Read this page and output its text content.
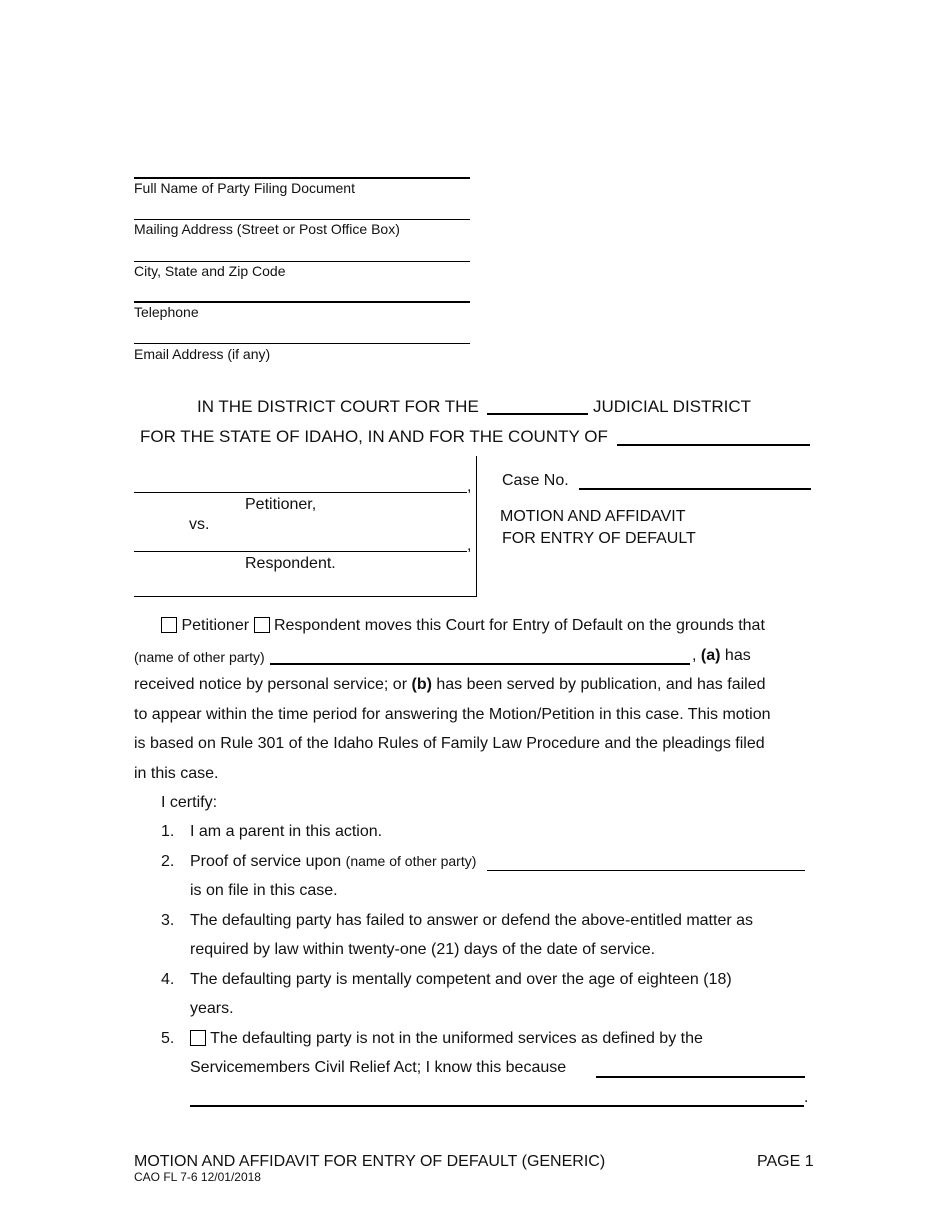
Full Name of Party Filing Document
Mailing Address (Street or Post Office Box)
City, State and Zip Code
Telephone
Email Address (if any)
IN THE DISTRICT COURT FOR THE	JUDICIAL DISTRICT
FOR THE STATE OF IDAHO, IN AND FOR THE COUNTY OF
,
Petitioner,
vs.
,
Respondent.
Case No.
MOTION AND AFFIDAVIT
FOR ENTRY OF DEFAULT
Petitioner Respondent moves this Court for Entry of Default on the grounds that
(name of other party)	, (a) has
received notice by personal service; or (b) has been served by publication, and has failed
to appear within the time period for answering the Motion/Petition in this case. This motion
is based on Rule 301 of the Idaho Rules of Family Law Procedure and the pleadings filed
in this case.
I certify:
1. I am a parent in this action.
2. Proof of service upon (name of other party)
is on file in this case.
3. The defaulting party has failed to answer or defend the above-entitled matter as
required by law within twenty-one (21) days of the date of service.
4. The defaulting party is mentally competent and over the age of eighteen (18)
years.
5.	The defaulting party is not in the uniformed services as defined by the
Servicemembers Civil Relief Act; I know this because
.
MOTION AND AFFIDAVIT FOR ENTRY OF DEFAULT (GENERIC)	PAGE 1
CAO FL 7-6 12/01/2018
